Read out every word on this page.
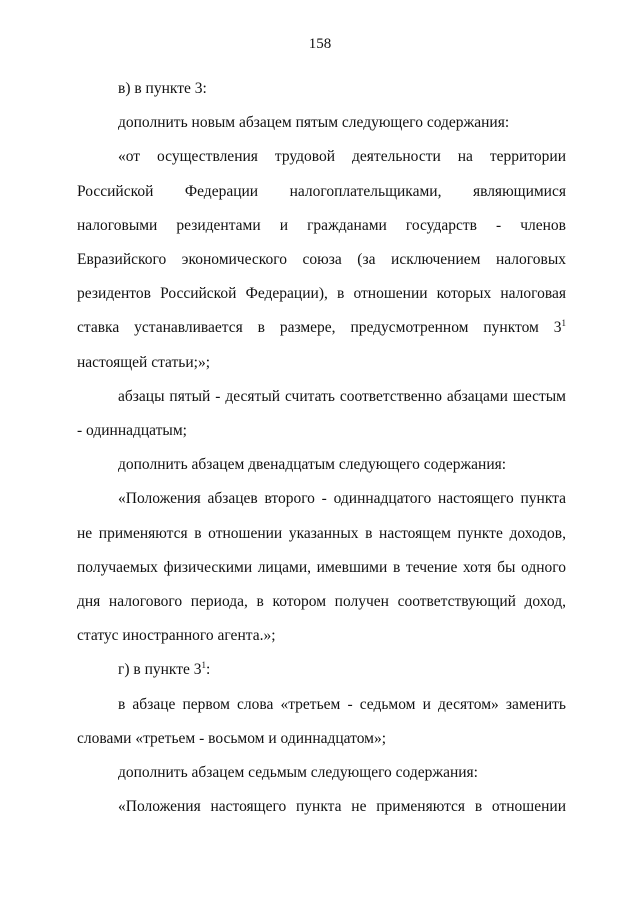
158

в) в пункте 3:

дополнить новым абзацем пятым следующего содержания:

«от осуществления трудовой деятельности на территории Российской Федерации налогоплательщиками, являющимися налоговыми резидентами и гражданами государств - членов Евразийского экономического союза (за исключением налоговых резидентов Российской Федерации), в отношении которых налоговая ставка устанавливается в размере, предусмотренном пунктом $3^1$ настоящей статьи;»;

абзацы пятый - десятый считать соответственно абзацами шестым - одиннадцатым;

дополнить абзацем двенадцатым следующего содержания:

«Положения абзацев второго - одиннадцатого настоящего пункта не применяются в отношении указанных в настоящем пункте доходов, получаемых физическими лицами, имевшими в течение хотя бы одного дня налогового периода, в котором получен соответствующий доход, статус иностранного агента.»;

г) в пункте $3^1$:

в абзаце первом слова «третьем - седьмом и десятом» заменить словами «третьем - восьмом и одиннадцатом»;

дополнить абзацем седьмым следующего содержания:

«Положения настоящего пункта не применяются в отношении
